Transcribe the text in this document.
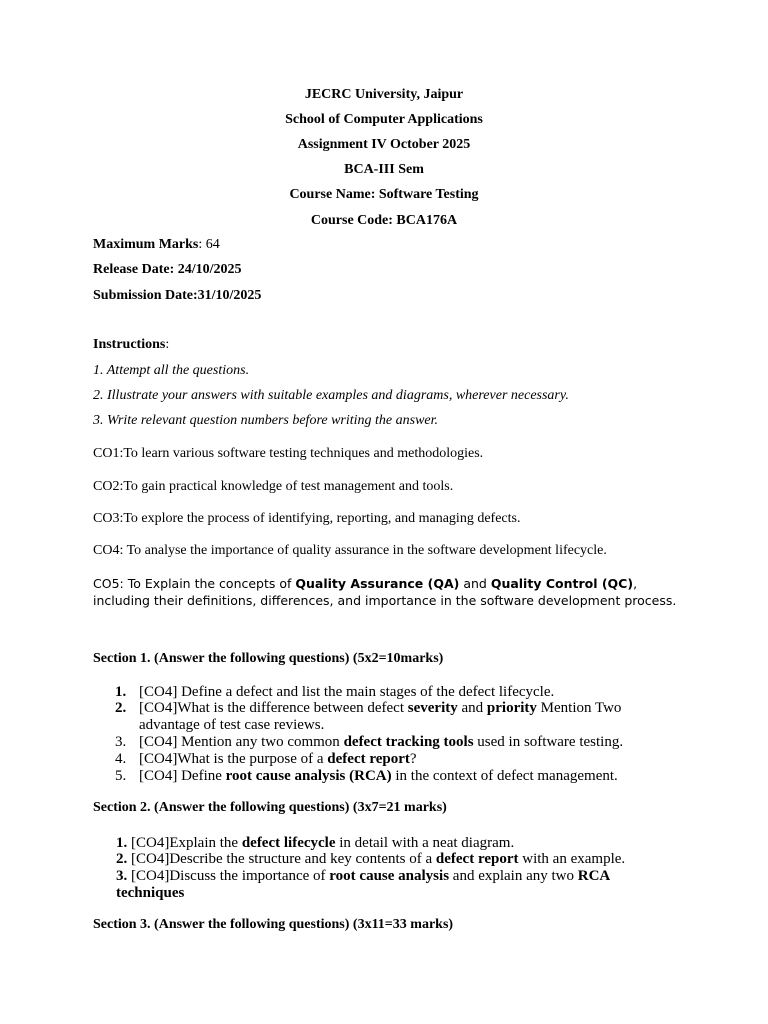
JECRC University, Jaipur
School of Computer Applications
Assignment IV October 2025
BCA-III Sem
Course Name: Software Testing
Course Code: BCA176A
Maximum Marks: 64
Release Date: 24/10/2025
Submission Date:31/10/2025
Instructions:
1. Attempt all the questions.
2. Illustrate your answers with suitable examples and diagrams, wherever necessary.
3. Write relevant question numbers before writing the answer.
CO1:To learn various software testing techniques and methodologies.
CO2:To gain practical knowledge of test management and tools.
CO3:To explore the process of identifying, reporting, and managing defects.
CO4: To analyse the importance of quality assurance in the software development lifecycle.
CO5: To Explain the concepts of Quality Assurance (QA) and Quality Control (QC), including their definitions, differences, and importance in the software development process.
Section 1. (Answer the following questions) (5x2=10marks)
1. [CO4] Define a defect and list the main stages of the defect lifecycle.
2. [CO4]What is the difference between defect severity and priority Mention Two advantage of test case reviews.
3. [CO4] Mention any two common defect tracking tools used in software testing.
4. [CO4]What is the purpose of a defect report?
5. [CO4] Define root cause analysis (RCA) in the context of defect management.
Section 2. (Answer the following questions) (3x7=21 marks)
1. [CO4]Explain the defect lifecycle in detail with a neat diagram.
2. [CO4]Describe the structure and key contents of a defect report with an example.
3. [CO4]Discuss the importance of root cause analysis and explain any two RCA techniques
Section 3. (Answer the following questions) (3x11=33 marks)
